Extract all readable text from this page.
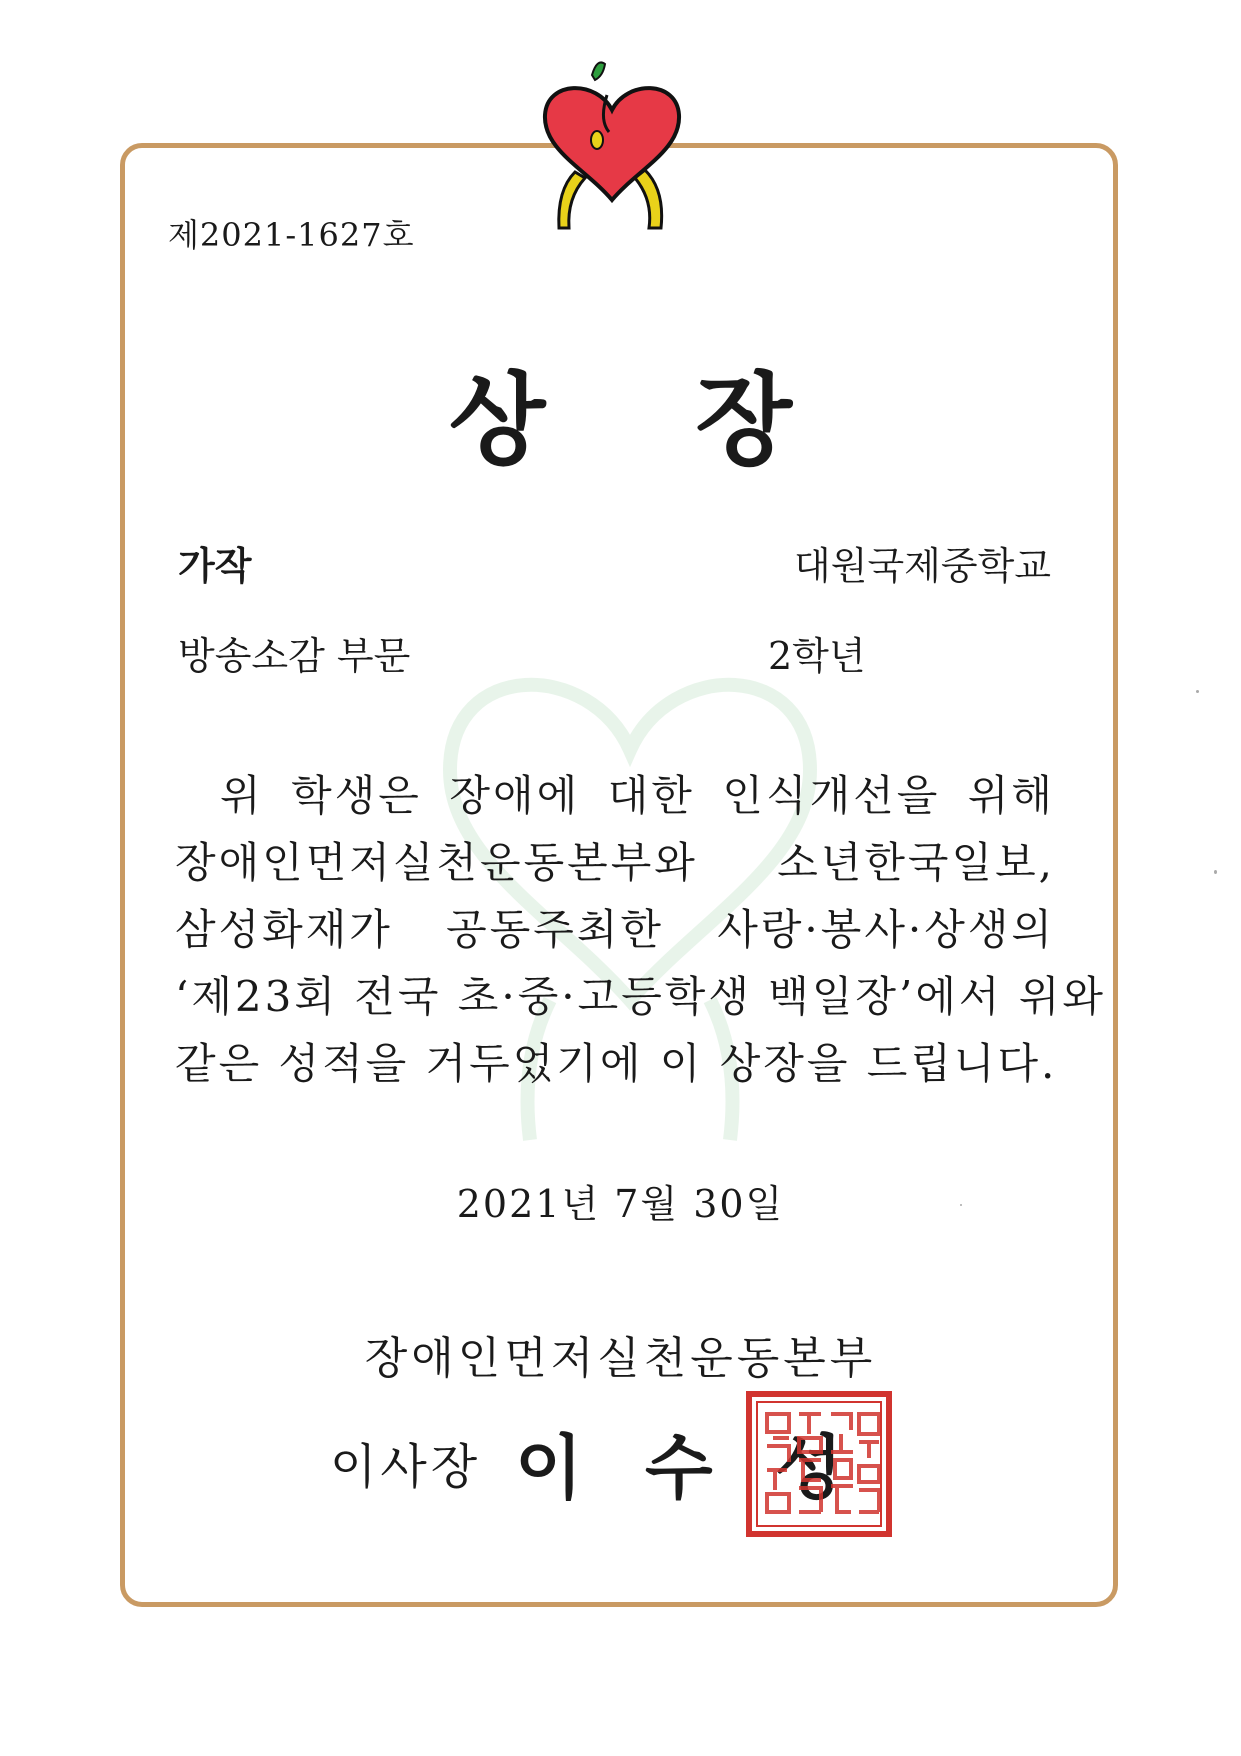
제2021-1627호
상장
가작
방송소감 부문
대원국제중학교
2학년
위 학생은 장애에 대한 인식개선을 위해
장애인먼저실천운동본부와 소년한국일보,
삼성화재가 공동주최한 사랑·봉사·상생의
‘제23회 전국 초·중·고등학생 백일장’에서 위와
같은 성적을 거두었기에 이 상장을 드립니다.
2021년 7월 30일
장애인먼저실천운동본부
이사장 이 수 성
